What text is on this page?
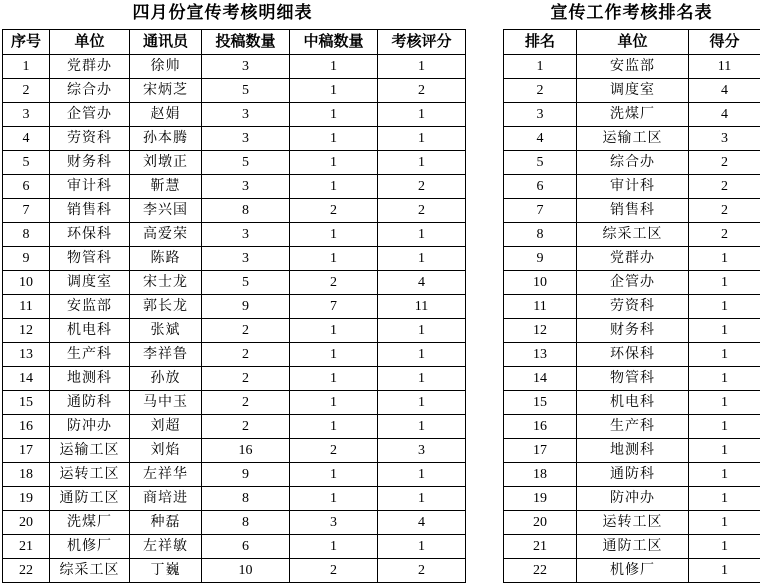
四月份宣传考核明细表
序号	单位	通讯员	投稿数量	中稿数量	考核评分
1	党群办	徐帅	3	1	1
2	综合办	宋炳芝	5	1	2
3	企管办	赵娟	3	1	1
4	劳资科	孙本腾	3	1	1
5	财务科	刘墩正	5	1	1
6	审计科	靳慧	3	1	2
7	销售科	李兴国	8	2	2
8	环保科	高爱荣	3	1	1
9	物管科	陈路	3	1	1
10	调度室	宋士龙	5	2	4
11	安监部	郭长龙	9	7	11
12	机电科	张斌	2	1	1
13	生产科	李祥鲁	2	1	1
14	地测科	孙放	2	1	1
15	通防科	马中玉	2	1	1
16	防冲办	刘超	2	1	1
17	运输工区	刘焰	16	2	3
18	运转工区	左祥华	9	1	1
19	通防工区	商培进	8	1	1
20	洗煤厂	种磊	8	3	4
21	机修厂	左祥敏	6	1	1
22	综采工区	丁巍	10	2	2
宣传工作考核排名表
排名	单位	得分
1	安监部	11
2	调度室	4
3	洗煤厂	4
4	运输工区	3
5	综合办	2
6	审计科	2
7	销售科	2
8	综采工区	2
9	党群办	1
10	企管办	1
11	劳资科	1
12	财务科	1
13	环保科	1
14	物管科	1
15	机电科	1
16	生产科	1
17	地测科	1
18	通防科	1
19	防冲办	1
20	运转工区	1
21	通防工区	1
22	机修厂	1
